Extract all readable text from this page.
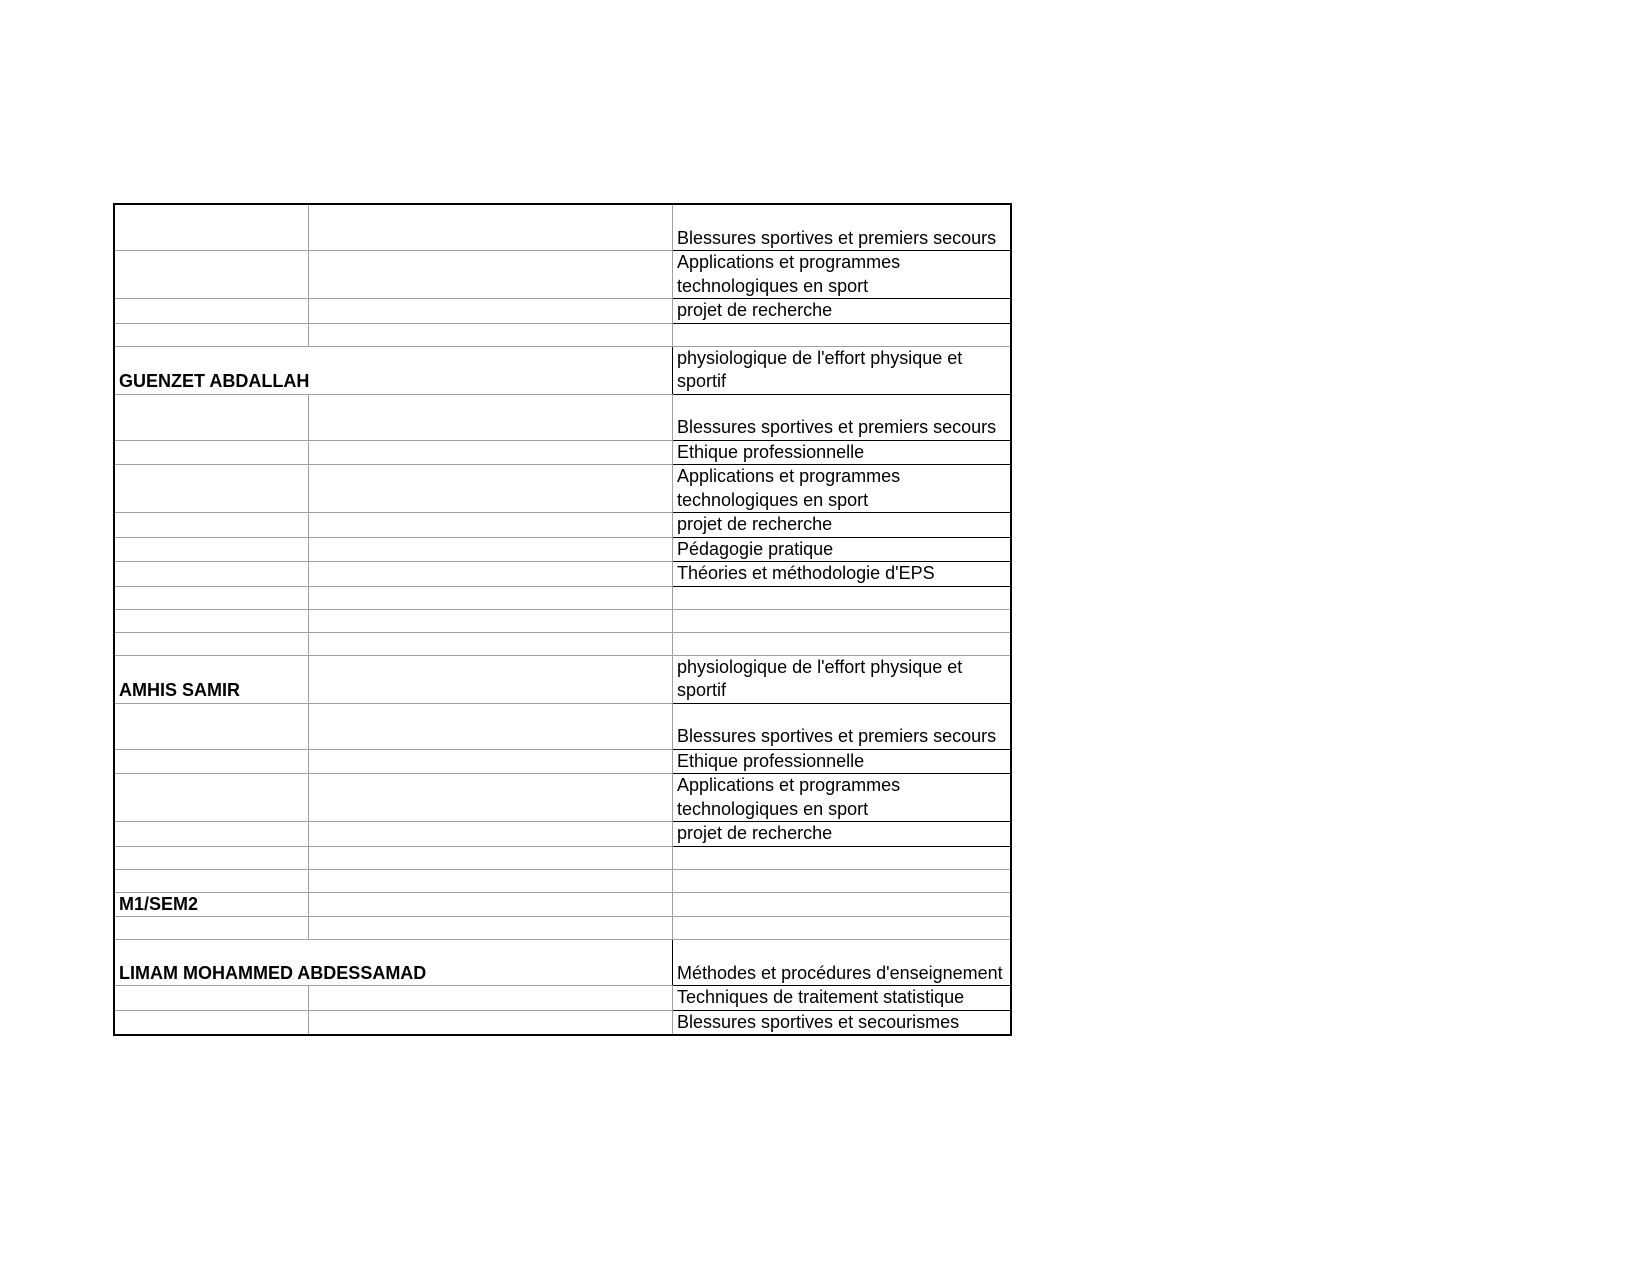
		Blessures sportives et premiers secours
		Applications et programmes technologiques en sport
		projet de recherche

GUENZET ABDALLAH		physiologique de l'effort physique et sportif
		Blessures sportives et premiers secours
		Ethique professionnelle
		Applications et programmes technologiques en sport
		projet de recherche
		Pédagogie pratique
		Théories et méthodologie d'EPS

AMHIS SAMIR		physiologique de l'effort physique et sportif
		Blessures sportives et premiers secours
		Ethique professionnelle
		Applications et programmes technologiques en sport
		projet de recherche

M1/SEM2		

LIMAM MOHAMMED ABDESSAMAD		Méthodes et procédures d'enseignement
		Techniques de traitement statistique
		Blessures sportives et secourismes
